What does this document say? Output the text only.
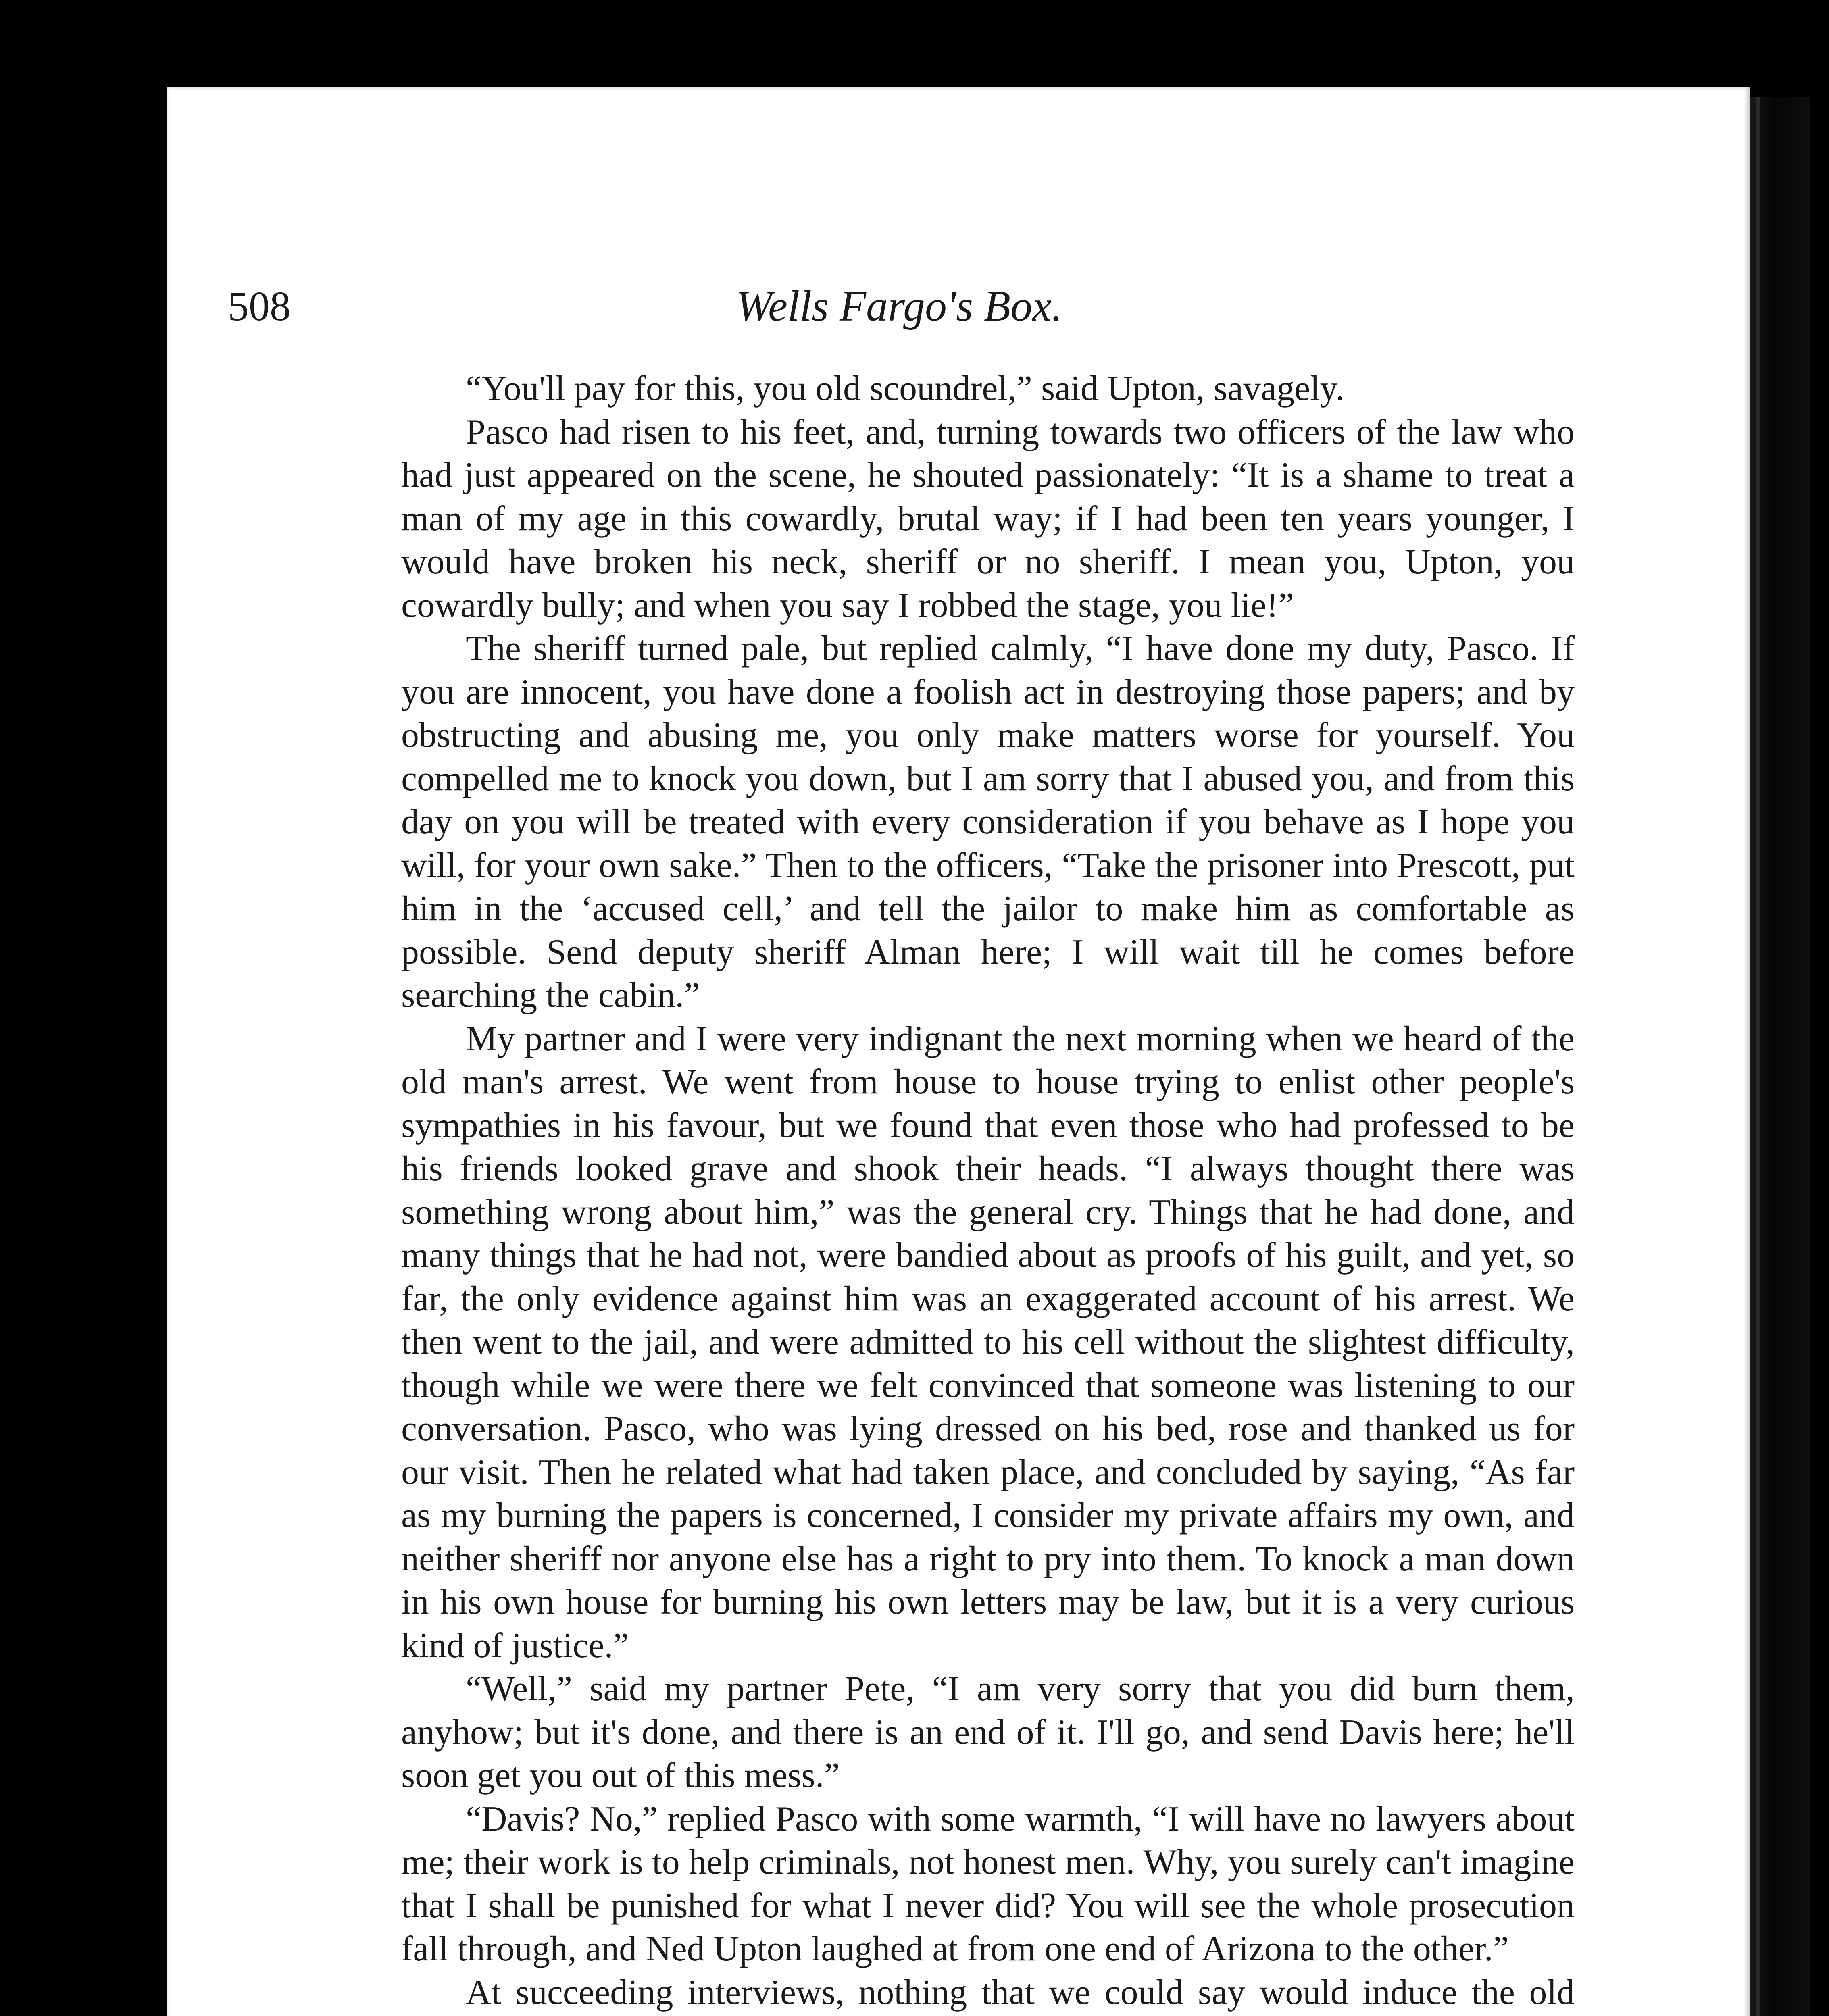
508	Wells Fargo's Box.

“You'll pay for this, you old scoundrel,” said Upton, savagely.

Pasco had risen to his feet, and, turning towards two officers of the law who had just appeared on the scene, he shouted passionately: “It is a shame to treat a man of my age in this cowardly, brutal way; if I had been ten years younger, I would have broken his neck, sheriff or no sheriff. I mean you, Upton, you cowardly bully; and when you say I robbed the stage, you lie!”

The sheriff turned pale, but replied calmly, “I have done my duty, Pasco. If you are innocent, you have done a foolish act in destroying those papers; and by obstructing and abusing me, you only make matters worse for yourself. You compelled me to knock you down, but I am sorry that I abused you, and from this day on you will be treated with every consideration if you behave as I hope you will, for your own sake.” Then to the officers, “Take the prisoner into Prescott, put him in the ‘accused cell,’ and tell the jailor to make him as comfortable as possible. Send deputy sheriff Alman here; I will wait till he comes before searching the cabin.”

My partner and I were very indignant the next morning when we heard of the old man's arrest. We went from house to house trying to enlist other people's sympathies in his favour, but we found that even those who had professed to be his friends looked grave and shook their heads. “I always thought there was something wrong about him,” was the general cry. Things that he had done, and many things that he had not, were bandied about as proofs of his guilt, and yet, so far, the only evidence against him was an exaggerated account of his arrest. We then went to the jail, and were admitted to his cell without the slightest difficulty, though while we were there we felt convinced that someone was listening to our conversation. Pasco, who was lying dressed on his bed, rose and thanked us for our visit. Then he related what had taken place, and concluded by saying, “As far as my burning the papers is concerned, I consider my private affairs my own, and neither sheriff nor anyone else has a right to pry into them. To knock a man down in his own house for burning his own letters may be law, but it is a very curious kind of justice.”

“Well,” said my partner Pete, “I am very sorry that you did burn them, anyhow; but it's done, and there is an end of it. I'll go, and send Davis here; he'll soon get you out of this mess.”

“Davis? No,” replied Pasco with some warmth, “I will have no lawyers about me; their work is to help criminals, not honest men. Why, you surely can't imagine that I shall be punished for what I never did? You will see the whole prosecution fall through, and Ned Upton laughed at from one end of Arizona to the other.”

At succeeding interviews, nothing that we could say would induce the old
